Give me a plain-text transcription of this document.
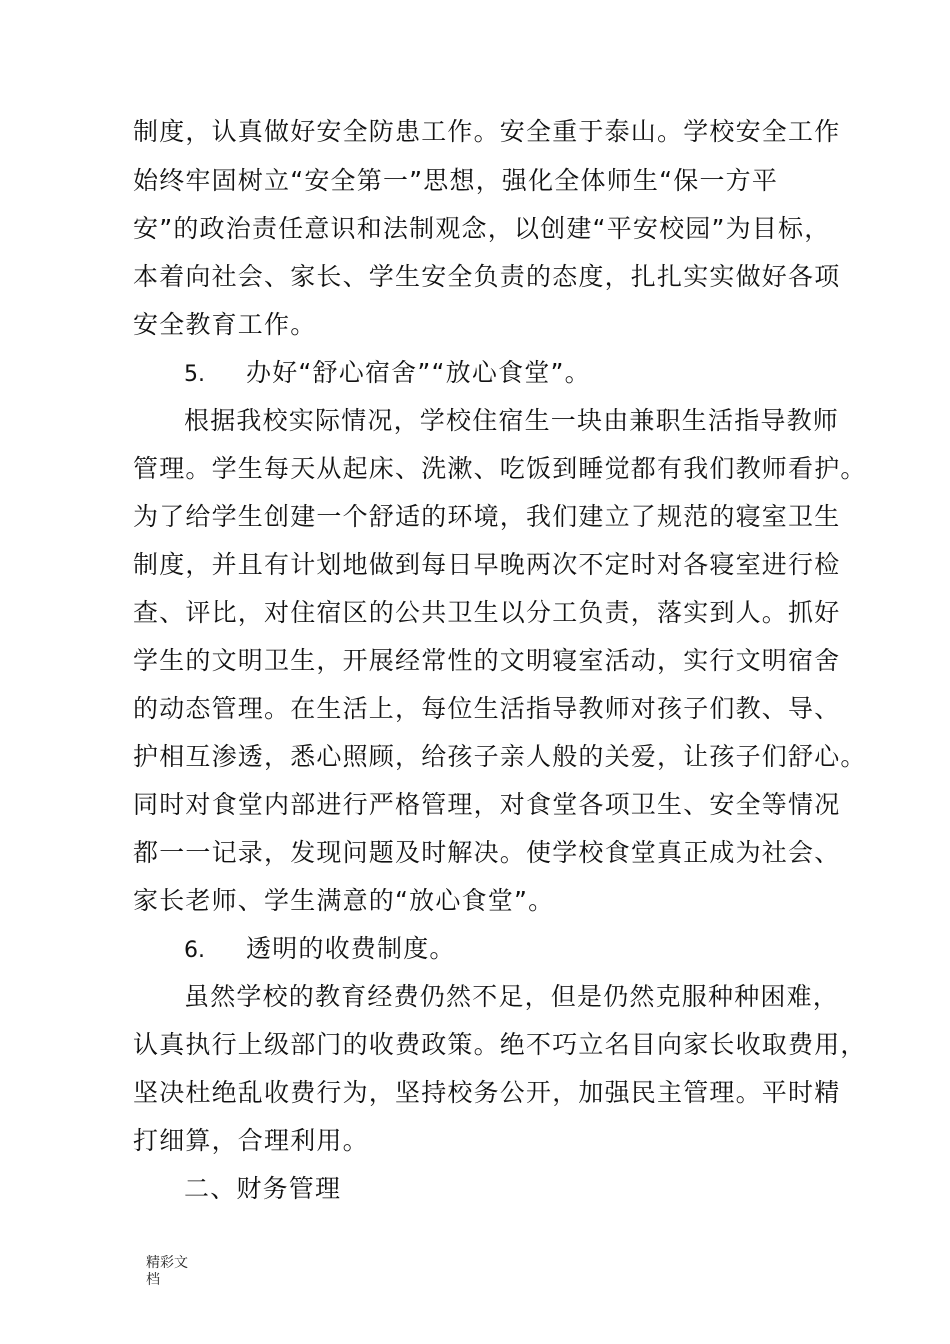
制度，认真做好安全防患工作。安全重于泰山。学校安全工作
始终牢固树立“安全第一”思想，强化全体师生“保一方平
安”的政治责任意识和法制观念，以创建“平安校园”为目标，
本着向社会、家长、学生安全负责的态度，扎扎实实做好各项
安全教育工作。
5. 办好“舒心宿舍”“放心食堂”。
根据我校实际情况，学校住宿生一块由兼职生活指导教师
管理。学生每天从起床、洗漱、吃饭到睡觉都有我们教师看护。
为了给学生创建一个舒适的环境，我们建立了规范的寝室卫生
制度，并且有计划地做到每日早晚两次不定时对各寝室进行检
查、评比，对住宿区的公共卫生以分工负责，落实到人。抓好
学生的文明卫生，开展经常性的文明寝室活动，实行文明宿舍
的动态管理。在生活上，每位生活指导教师对孩子们教、导、
护相互渗透，悉心照顾，给孩子亲人般的关爱，让孩子们舒心。
同时对食堂内部进行严格管理，对食堂各项卫生、安全等情况
都一一记录，发现问题及时解决。使学校食堂真正成为社会、
家长老师、学生满意的“放心食堂”。
6. 透明的收费制度。
虽然学校的教育经费仍然不足，但是仍然克服种种困难，
认真执行上级部门的收费政策。绝不巧立名目向家长收取费用，
坚决杜绝乱收费行为，坚持校务公开，加强民主管理。平时精
打细算，合理利用。
二、财务管理
精彩文
档
